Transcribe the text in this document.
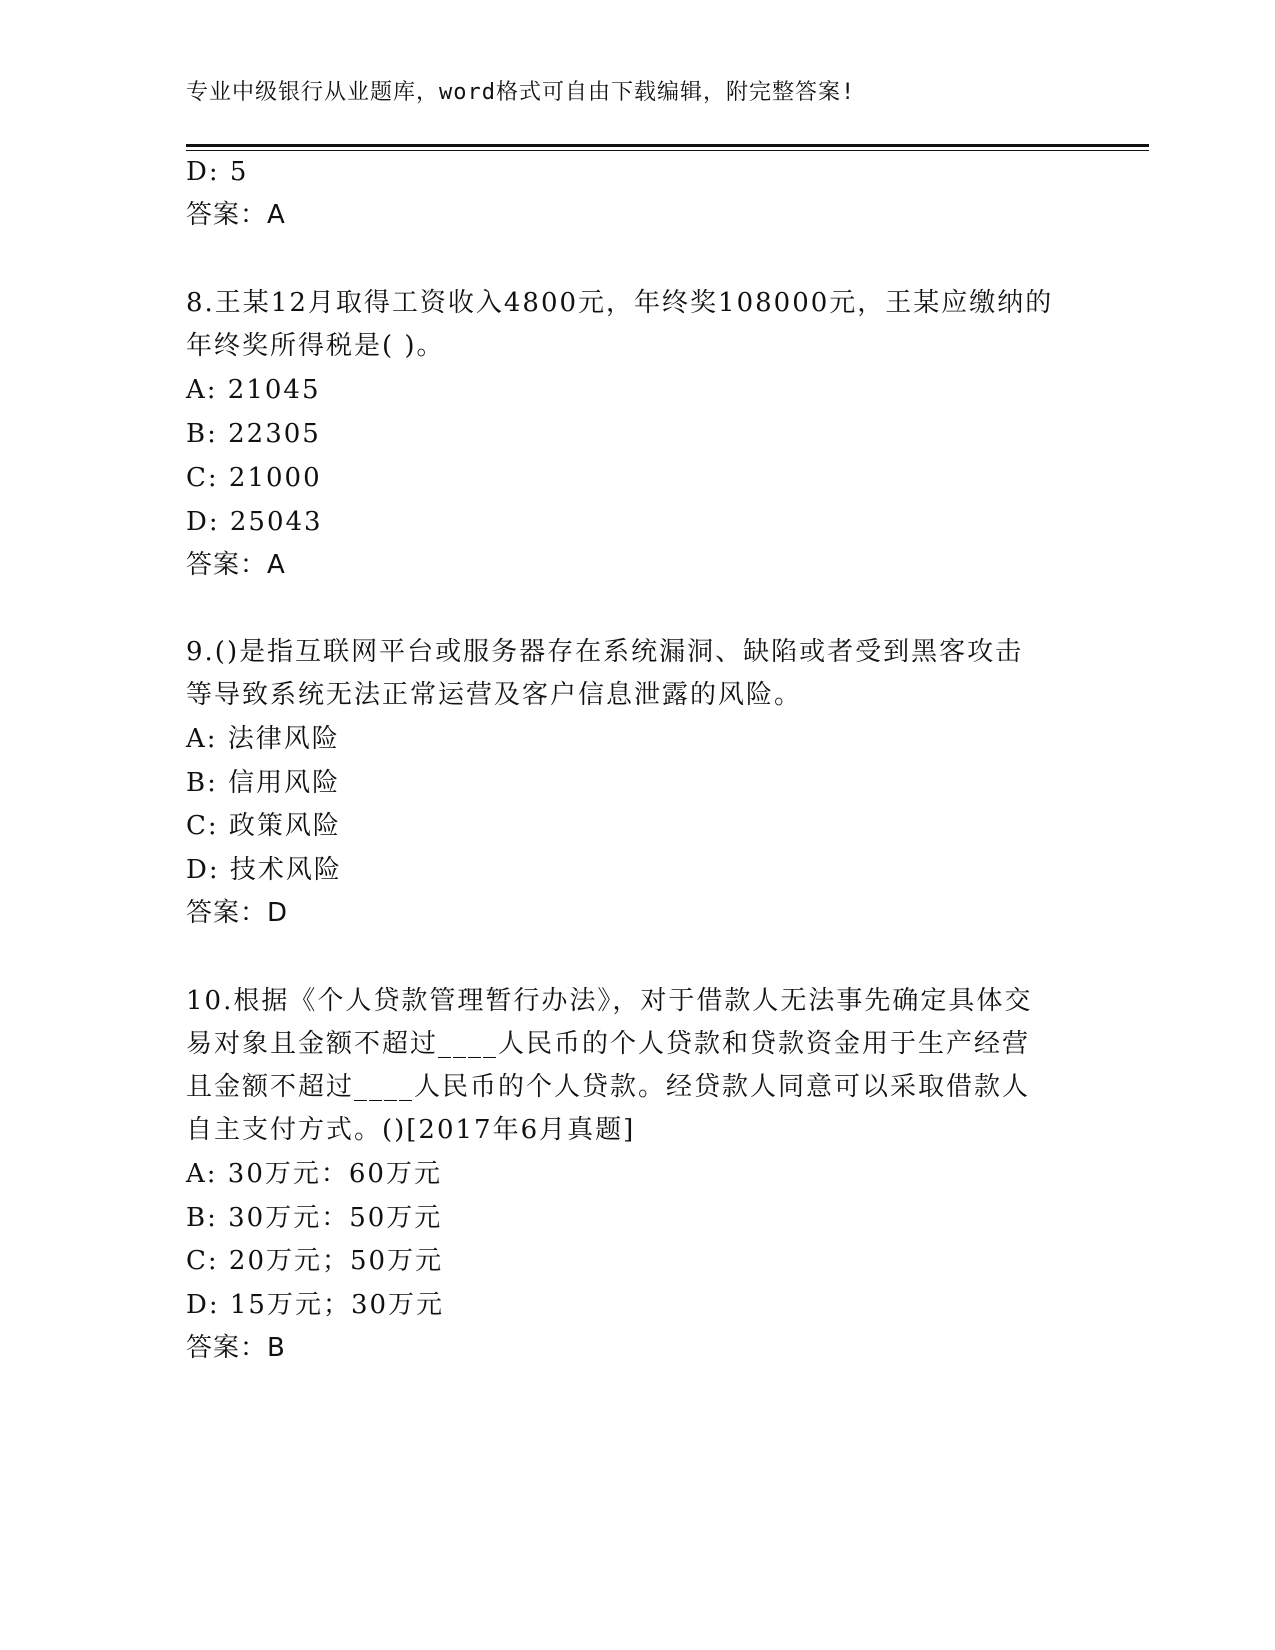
专业中级银行从业题库，word格式可自由下载编辑，附完整答案!
D: 5
答案：A
8.王某12月取得工资收入4800元，年终奖108000元，王某应缴纳的
年终奖所得税是( )。
A: 21045
B: 22305
C: 21000
D: 25043
答案：A
9.()是指互联网平台或服务器存在系统漏洞、缺陷或者受到黑客攻击
等导致系统无法正常运营及客户信息泄露的风险。
A: 法律风险
B: 信用风险
C: 政策风险
D: 技术风险
答案：D
10.根据《个人贷款管理暂行办法》，对于借款人无法事先确定具体交
易对象且金额不超过____人民币的个人贷款和贷款资金用于生产经营
且金额不超过____人民币的个人贷款。经贷款人同意可以采取借款人
自主支付方式。()[2017年6月真题]
A: 30万元：60万元
B: 30万元：50万元
C: 20万元；50万元
D: 15万元；30万元
答案：B
